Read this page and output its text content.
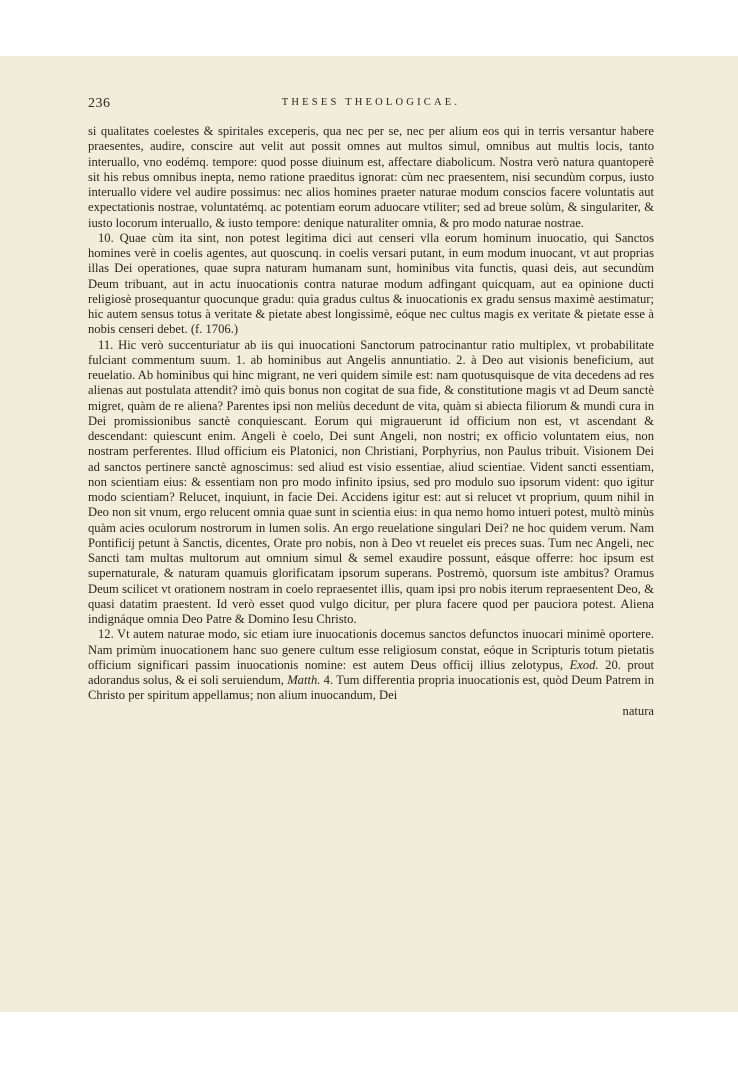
236	THESES THEOLOGICAE.

si qualitates coelestes & spiritales exceperis, qua nec per se, nec per alium eos qui in terris versantur habere praesentes, audire, conscire aut velit aut possit omnes aut multos simul, omnibus aut multis locis, tanto interuallo, vno eodémq. tempore: quod posse diuinum est, affectare diabolicum. Nostra verò natura quantoperè sit his rebus omnibus inepta, nemo ratione praeditus ignorat: cùm nec praesentem, nisi secundùm corpus, iusto interuallo videre vel audire possimus: nec alios homines praeter naturae modum conscios facere voluntatis aut expectationis nostrae, voluntatémq. ac potentiam eorum aduocare vtiliter; sed ad breue solùm, & singulariter, & iusto locorum interuallo, & iusto tempore: denique naturaliter omnia, & pro modo naturae nostrae.

10. Quae cùm ita sint, non potest legitima dici aut censeri vlla eorum hominum inuocatio, qui Sanctos homines verè in coelis agentes, aut quoscunq. in coelis versari putant, in eum modum inuocant, vt aut proprias illas Dei operationes, quae supra naturam humanam sunt, hominibus vita functis, quasi deis, aut secundùm Deum tribuant, aut in actu inuocationis contra naturae modum adfingant quicquam, aut ea opinione ducti religiosè prosequantur quocunque gradu: quia gradus cultus & inuocationis ex gradu sensus maximè aestimatur; hic autem sensus totus à veritate & pietate abest longissimè, eóque nec cultus magis ex veritate & pietate esse à nobis censeri debet. (f. 1706.)

11. Hic verò succenturiatur ab iis qui inuocationi Sanctorum patrocinantur ratio multiplex, vt probabilitate fulciant commentum suum. 1. ab hominibus aut Angelis annuntiatio. 2. à Deo aut visionis beneficium, aut reuelatio. Ab hominibus qui hinc migrant, ne veri quidem simile est: nam quotusquisque de vita decedens ad res alienas aut postulata attendit? imò quis bonus non cogitat de sua fide, & constitutione magis vt ad Deum sanctè migret, quàm de re aliena? Parentes ipsi non meliùs decedunt de vita, quàm si abiecta filiorum & mundi cura in Dei promissionibus sanctè conquiescant. Eorum qui migrauerunt id officium non est, vt ascendant & descendant: quiescunt enim. Angeli è coelo, Dei sunt Angeli, non nostri; ex officio voluntatem eius, non nostram perferentes. Illud officium eis Platonici, non Christiani, Porphyrius, non Paulus tribuit. Visionem Dei ad sanctos pertinere sanctè agnoscimus: sed aliud est visio essentiae, aliud scientiae. Vident sancti essentiam, non scientiam eius: & essentiam non pro modo infinito ipsius, sed pro modulo suo ipsorum vident: quo igitur modo scientiam? Relucet, inquiunt, in facie Dei. Accidens igitur est: aut si relucet vt proprium, quum nihil in Deo non sit vnum, ergo relucent omnia quae sunt in scientia eius: in qua nemo homo intueri potest, multò minùs quàm acies oculorum nostrorum in lumen solis. An ergo reuelatione singulari Dei? ne hoc quidem verum. Nam Pontificij petunt à Sanctis, dicentes, Orate pro nobis, non à Deo vt reuelet eis preces suas. Tum nec Angeli, nec Sancti tam multas multorum aut omnium simul & semel exaudire possunt, eásque offerre: hoc ipsum est supernaturale, & naturam quamuis glorificatam ipsorum superans. Postremò, quorsum iste ambitus? Oramus Deum scilicet vt orationem nostram in coelo repraesentet illis, quam ipsi pro nobis iterum repraesentent Deo, & quasi datatim praestent. Id verò esset quod vulgo dicitur, per plura facere quod per pauciora potest. Aliena indignáque omnia Deo Patre & Domino Iesu Christo.

12. Vt autem naturae modo, sic etiam iure inuocationis docemus sanctos defunctos inuocari minimè oportere. Nam primùm inuocationem hanc suo genere cultum esse religiosum constat, eóque in Scripturis totum pietatis officium significari passim inuocationis nomine: est autem Deus officij illius zelotypus, Exod. 20. prout adorandus solus, & ei soli seruiendum, Matth. 4. Tum differentia propria inuocationis est, quòd Deum Patrem in Christo per spiritum appellamus; non alium inuocandum, Dei

natura
